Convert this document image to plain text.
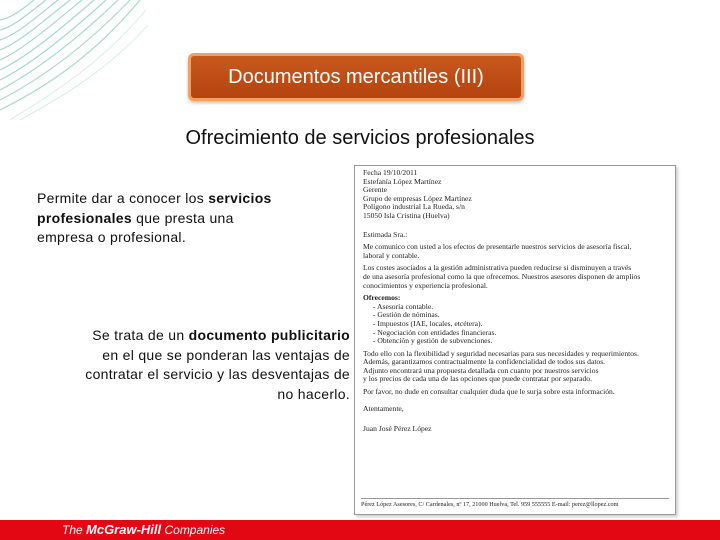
Documentos mercantiles (III)
Ofrecimiento de servicios profesionales
Permite dar a conocer los servicios profesionales que presta una empresa o profesional.
Se trata de un documento publicitario en el que se ponderan las ventajas de contratar el servicio y las desventajas de no hacerlo.
Fecha 19/10/2011
Estefanía López Martínez
Gerente
Grupo de empresas López Martínez
Polígono industrial La Rueda, s/n
15050 Isla Cristina (Huelva)
Estimada Sra.:
Me comunico con usted a los efectos de presentarle nuestros servicios de asesoría fiscal,
laboral y contable.
Los costes asociados a la gestión administrativa pueden reducirse si disminuyen a través
de una asesoría profesional como la que ofrecemos. Nuestros asesores disponen de amplios
conocimientos y experiencia profesional.
Ofrecemos:
- Asesoría contable.
- Gestión de nóminas.
- Impuestos (IAE, locales, etcétera).
- Negociación con entidades financieras.
- Obtención y gestión de subvenciones.
Todo ello con la flexibilidad y seguridad necesarias para sus necesidades y requerimientos.
Además, garantizamos contractualmente la confidencialidad de todos sus datos.
Adjunto encontrará una propuesta detallada con cuanto por nuestros servicios
y los precios de cada una de las opciones que puede contratar por separado.
Por favor, no dude en consultar cualquier duda que le surja sobre esta información.
Atentamente,
Juan José Pérez López
Pérez López Asesores, C/ Cardenales, nº 17, 21000 Huelva, Tel. 959 555555 E-mail: perez@llopez.com
The McGraw-Hill Companies
